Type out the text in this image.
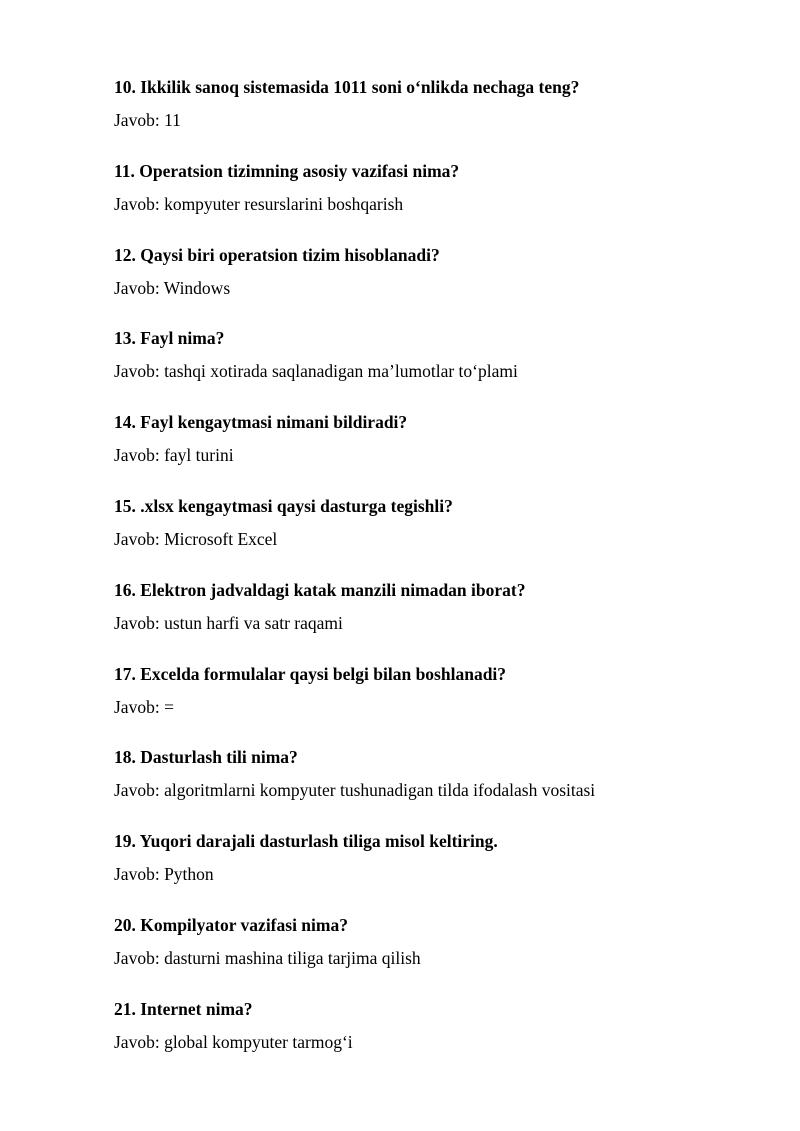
10. Ikkilik sanoq sistemasida 1011 soni o‘nlikda nechaga teng?
Javob: 11
11. Operatsion tizimning asosiy vazifasi nima?
Javob: kompyuter resurslarini boshqarish
12. Qaysi biri operatsion tizim hisoblanadi?
Javob: Windows
13. Fayl nima?
Javob: tashqi xotirada saqlanadigan ma’lumotlar to‘plami
14. Fayl kengaytmasi nimani bildiradi?
Javob: fayl turini
15. .xlsx kengaytmasi qaysi dasturga tegishli?
Javob: Microsoft Excel
16. Elektron jadvaldagi katak manzili nimadan iborat?
Javob: ustun harfi va satr raqami
17. Excelda formulalar qaysi belgi bilan boshlanadi?
Javob: =
18. Dasturlash tili nima?
Javob: algoritmlarni kompyuter tushunadigan tilda ifodalash vositasi
19. Yuqori darajali dasturlash tiliga misol keltiring.
Javob: Python
20. Kompilyator vazifasi nima?
Javob: dasturni mashina tiliga tarjima qilish
21. Internet nima?
Javob: global kompyuter tarmog‘i
